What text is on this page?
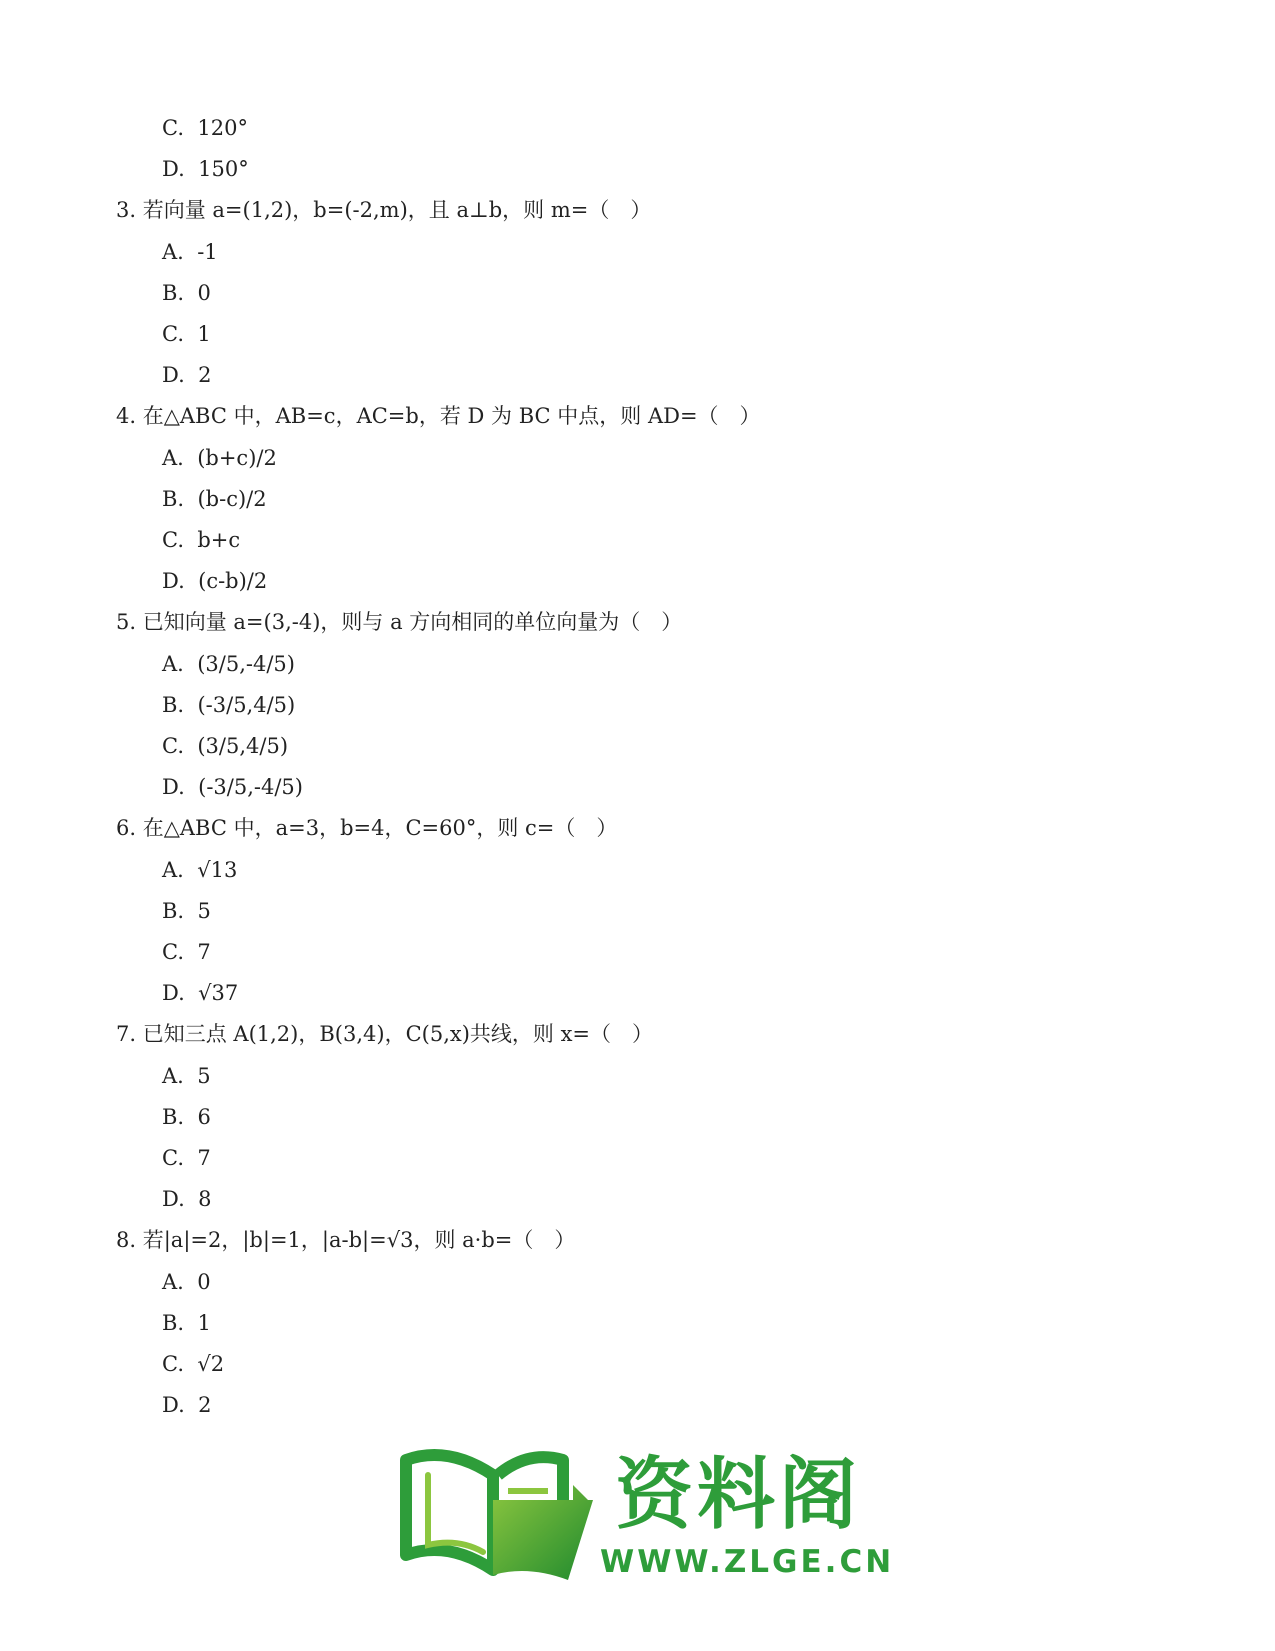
C. 120°
D. 150°
3. 若向量 a=(1,2)，b=(-2,m)，且 a⊥b，则 m=（　）
A. -1
B. 0
C. 1
D. 2
4. 在△ABC 中，AB=c，AC=b，若 D 为 BC 中点，则 AD=（　）
A. (b+c)/2
B. (b-c)/2
C. b+c
D. (c-b)/2
5. 已知向量 a=(3,-4)，则与 a 方向相同的单位向量为（　）
A. (3/5,-4/5)
B. (-3/5,4/5)
C. (3/5,4/5)
D. (-3/5,-4/5)
6. 在△ABC 中，a=3，b=4，C=60°，则 c=（　）
A. √13
B. 5
C. 7
D. √37
7. 已知三点 A(1,2)，B(3,4)，C(5,x)共线，则 x=（　）
A. 5
B. 6
C. 7
D. 8
8. 若|a|=2，|b|=1，|a-b|=√3，则 a·b=（　）
A. 0
B. 1
C. √2
D. 2
资料阁
WWW.ZLGE.CN
